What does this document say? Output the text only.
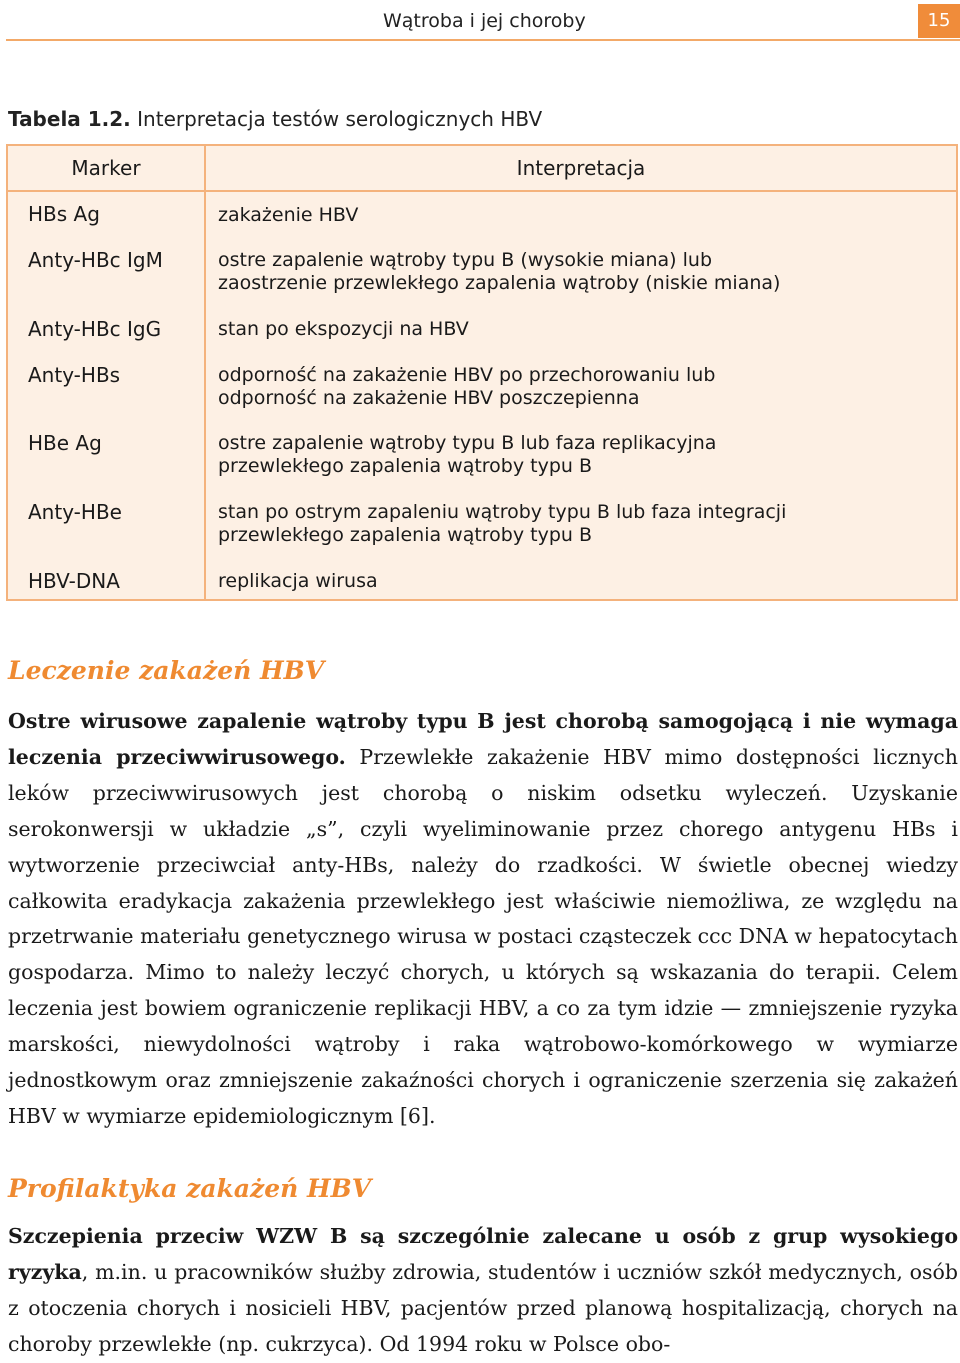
Wątroba i jej choroby	15
Tabela 1.2. Interpretacja testów serologicznych HBV
Marker	Interpretacja
HBs Ag	zakażenie HBV
Anty-HBc IgM	ostre zapalenie wątroby typu B (wysokie miana) lub
zaostrzenie przewlekłego zapalenia wątroby (niskie miana)
Anty-HBc IgG	stan po ekspozycji na HBV
Anty-HBs	odporność na zakażenie HBV po przechorowaniu lub
odporność na zakażenie HBV poszczepienna
HBe Ag	ostre zapalenie wątroby typu B lub faza replikacyjna
przewlekłego zapalenia wątroby typu B
Anty-HBe	stan po ostrym zapaleniu wątroby typu B lub faza integracji
przewlekłego zapalenia wątroby typu B
HBV-DNA	replikacja wirusa
Leczenie zakażeń HBV

Ostre wirusowe zapalenie wątroby typu B jest chorobą samogojącą i nie wymaga leczenia przeciwwirusowego. Przewlekłe zakażenie HBV mimo dostępności licznych leków przeciwwirusowych jest chorobą o niskim odsetku wyleczeń. Uzyskanie serokonwersji w układzie „s”, czyli wyeliminowanie przez chorego antygenu HBs i wytworzenie przeciwciał anty-HBs, należy do rzadkości. W świetle obecnej wiedzy całkowita eradykacja zakażenia przewlekłego jest właściwie niemożliwa, ze względu na przetrwanie materiału genetycznego wirusa w postaci cząsteczek ccc DNA w hepatocytach gospodarza. Mimo to należy leczyć chorych, u których są wskazania do terapii. Celem leczenia jest bowiem ograniczenie replikacji HBV, a co za tym idzie — zmniejszenie ryzyka marskości, niewydolności wątroby i raka wątrobowo-komórkowego w wymiarze jednostkowym oraz zmniejszenie zakaźności chorych i ograniczenie szerzenia się zakażeń HBV w wymiarze epidemiologicznym [6].

Profilaktyka zakażeń HBV

Szczepienia przeciw WZW B są szczególnie zalecane u osób z grup wysokiego ryzyka, m.in. u pracowników służby zdrowia, studentów i uczniów szkół medycznych, osób z otoczenia chorych i nosicieli HBV, pacjentów przed planową hospitalizacją, chorych na choroby przewlekłe (np. cukrzyca). Od 1994 roku w Polsce obo-
